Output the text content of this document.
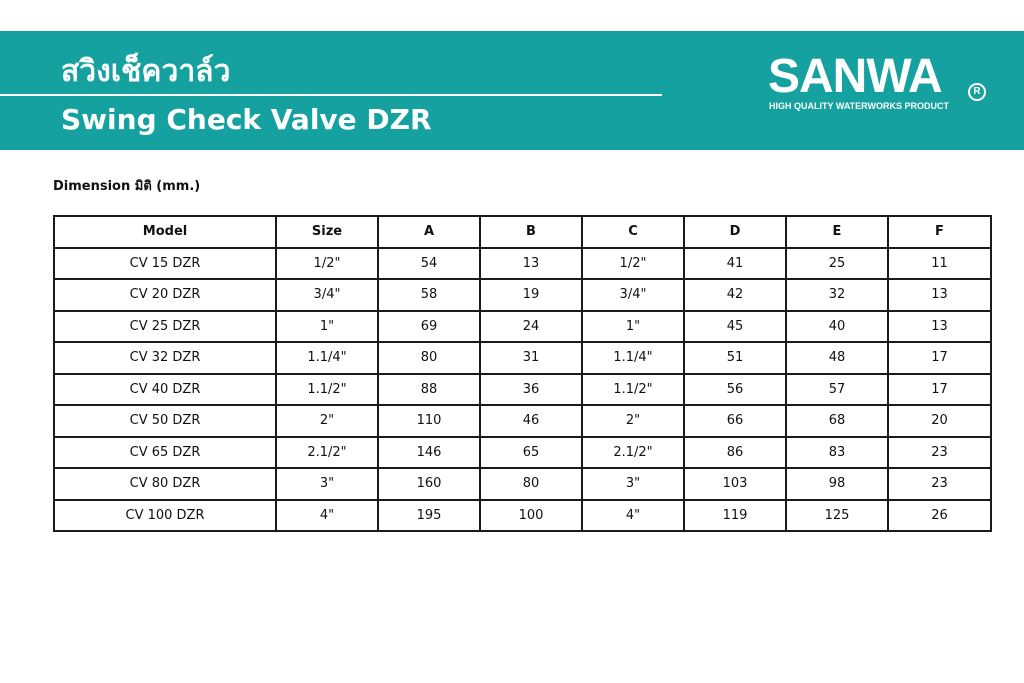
สวิงเช็ควาล์ว
Swing Check Valve DZR
SANWA	R
HIGH QUALITY WATERWORKS PRODUCT
Dimension มิติ (mm.)
Model	Size	A	B	C	D	E	F
CV 15 DZR	1/2"	54	13	1/2"	41	25	11
CV 20 DZR	3/4"	58	19	3/4"	42	32	13
CV 25 DZR	1"	69	24	1"	45	40	13
CV 32 DZR	1.1/4"	80	31	1.1/4"	51	48	17
CV 40 DZR	1.1/2"	88	36	1.1/2"	56	57	17
CV 50 DZR	2"	110	46	2"	66	68	20
CV 65 DZR	2.1/2"	146	65	2.1/2"	86	83	23
CV 80 DZR	3"	160	80	3"	103	98	23
CV 100 DZR	4"	195	100	4"	119	125	26
